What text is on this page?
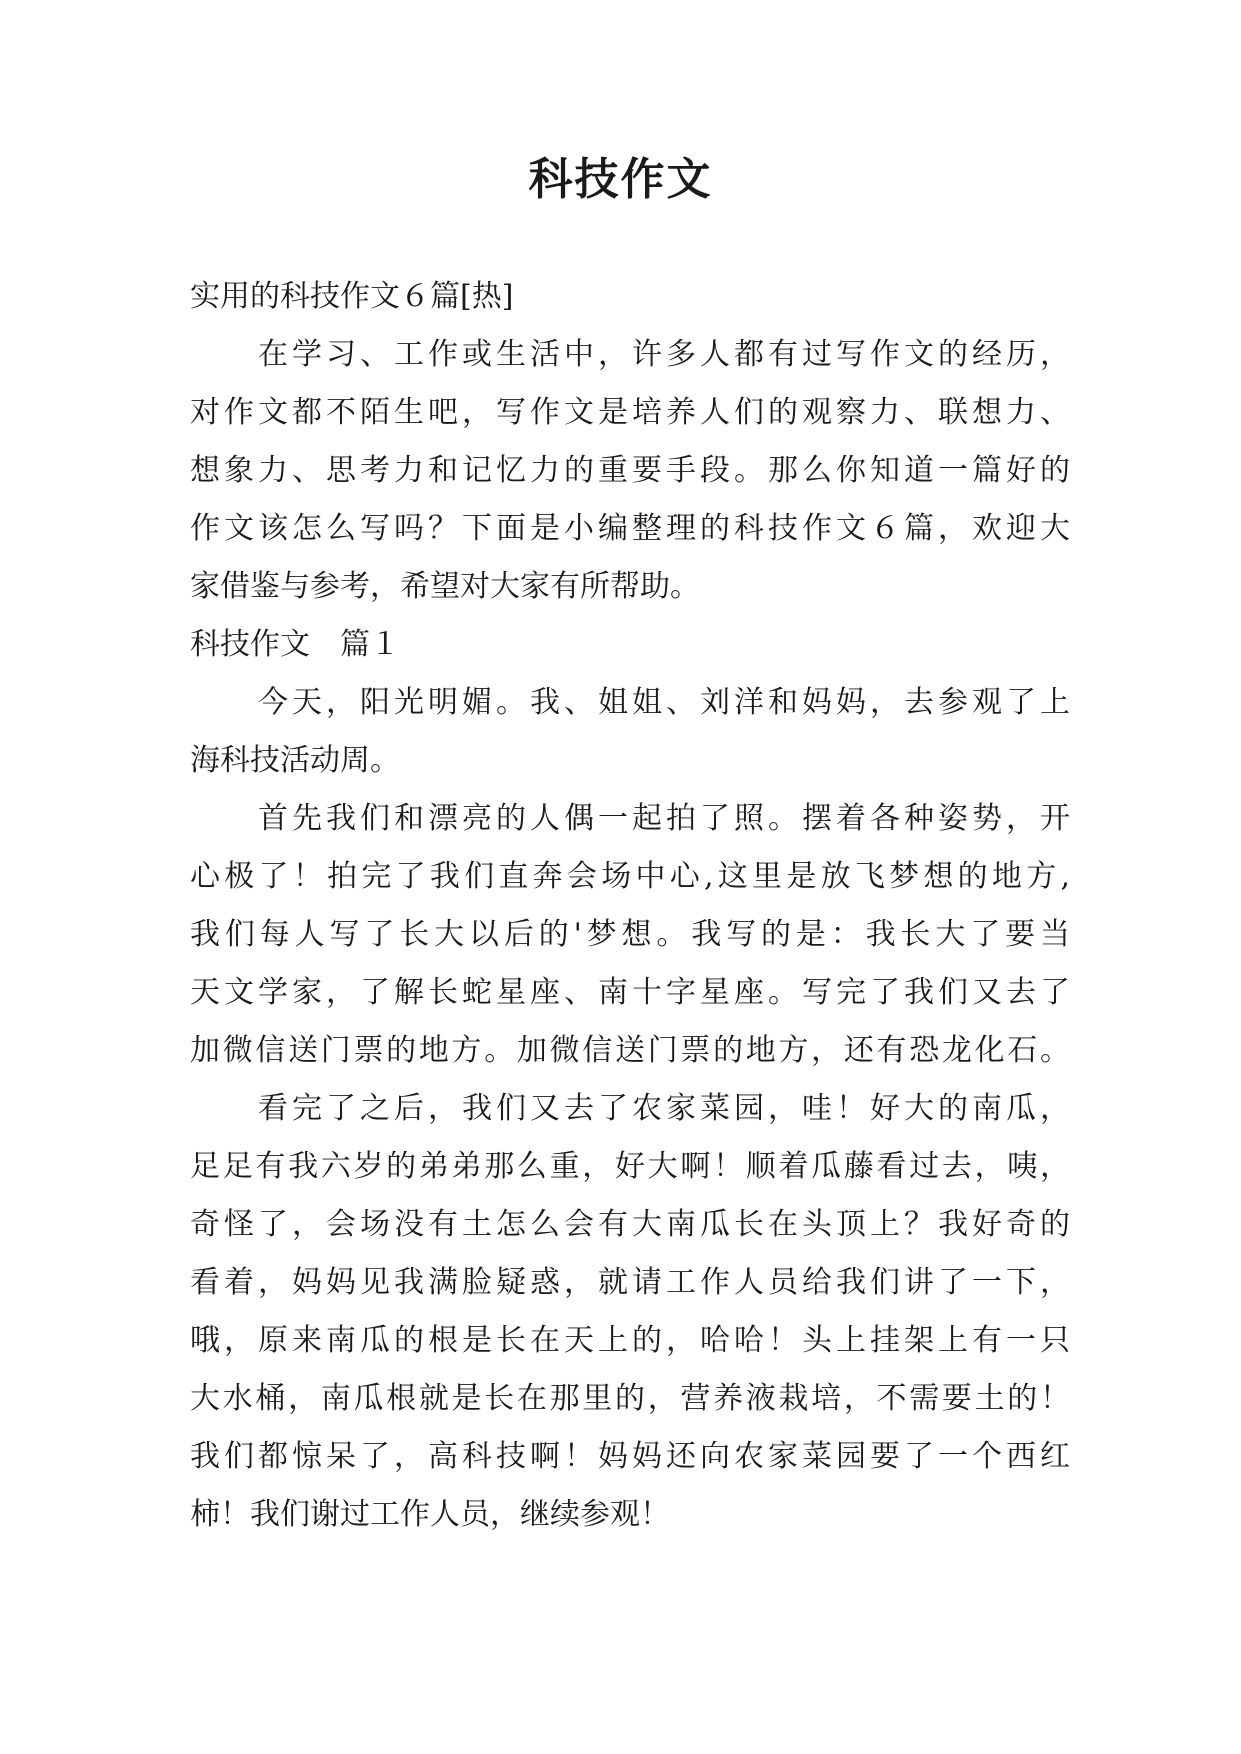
科技作文
实用的科技作文６篇[热]
在学习、工作或生活中，许多人都有过写作文的经历，
对作文都不陌生吧，写作文是培养人们的观察力、联想力、
想象力、思考力和记忆力的重要手段。那么你知道一篇好的
作文该怎么写吗？下面是小编整理的科技作文６篇，欢迎大
家借鉴与参考，希望对大家有所帮助。
科技作文　篇１
今天，阳光明媚。我、姐姐、刘洋和妈妈，去参观了上
海科技活动周。
首先我们和漂亮的人偶一起拍了照。摆着各种姿势，开
心极了！拍完了我们直奔会场中心,这里是放飞梦想的地方,
我们每人写了长大以后的'梦想。我写的是：我长大了要当
天文学家，了解长蛇星座、南十字星座。写完了我们又去了
加微信送门票的地方。加微信送门票的地方，还有恐龙化石。
看完了之后，我们又去了农家菜园，哇！好大的南瓜，
足足有我六岁的弟弟那么重，好大啊！顺着瓜藤看过去，咦，
奇怪了，会场没有土怎么会有大南瓜长在头顶上？我好奇的
看着，妈妈见我满脸疑惑，就请工作人员给我们讲了一下，
哦，原来南瓜的根是长在天上的，哈哈！头上挂架上有一只
大水桶，南瓜根就是长在那里的，营养液栽培，不需要土的！
我们都惊呆了，高科技啊！妈妈还向农家菜园要了一个西红
柿！我们谢过工作人员，继续参观！
